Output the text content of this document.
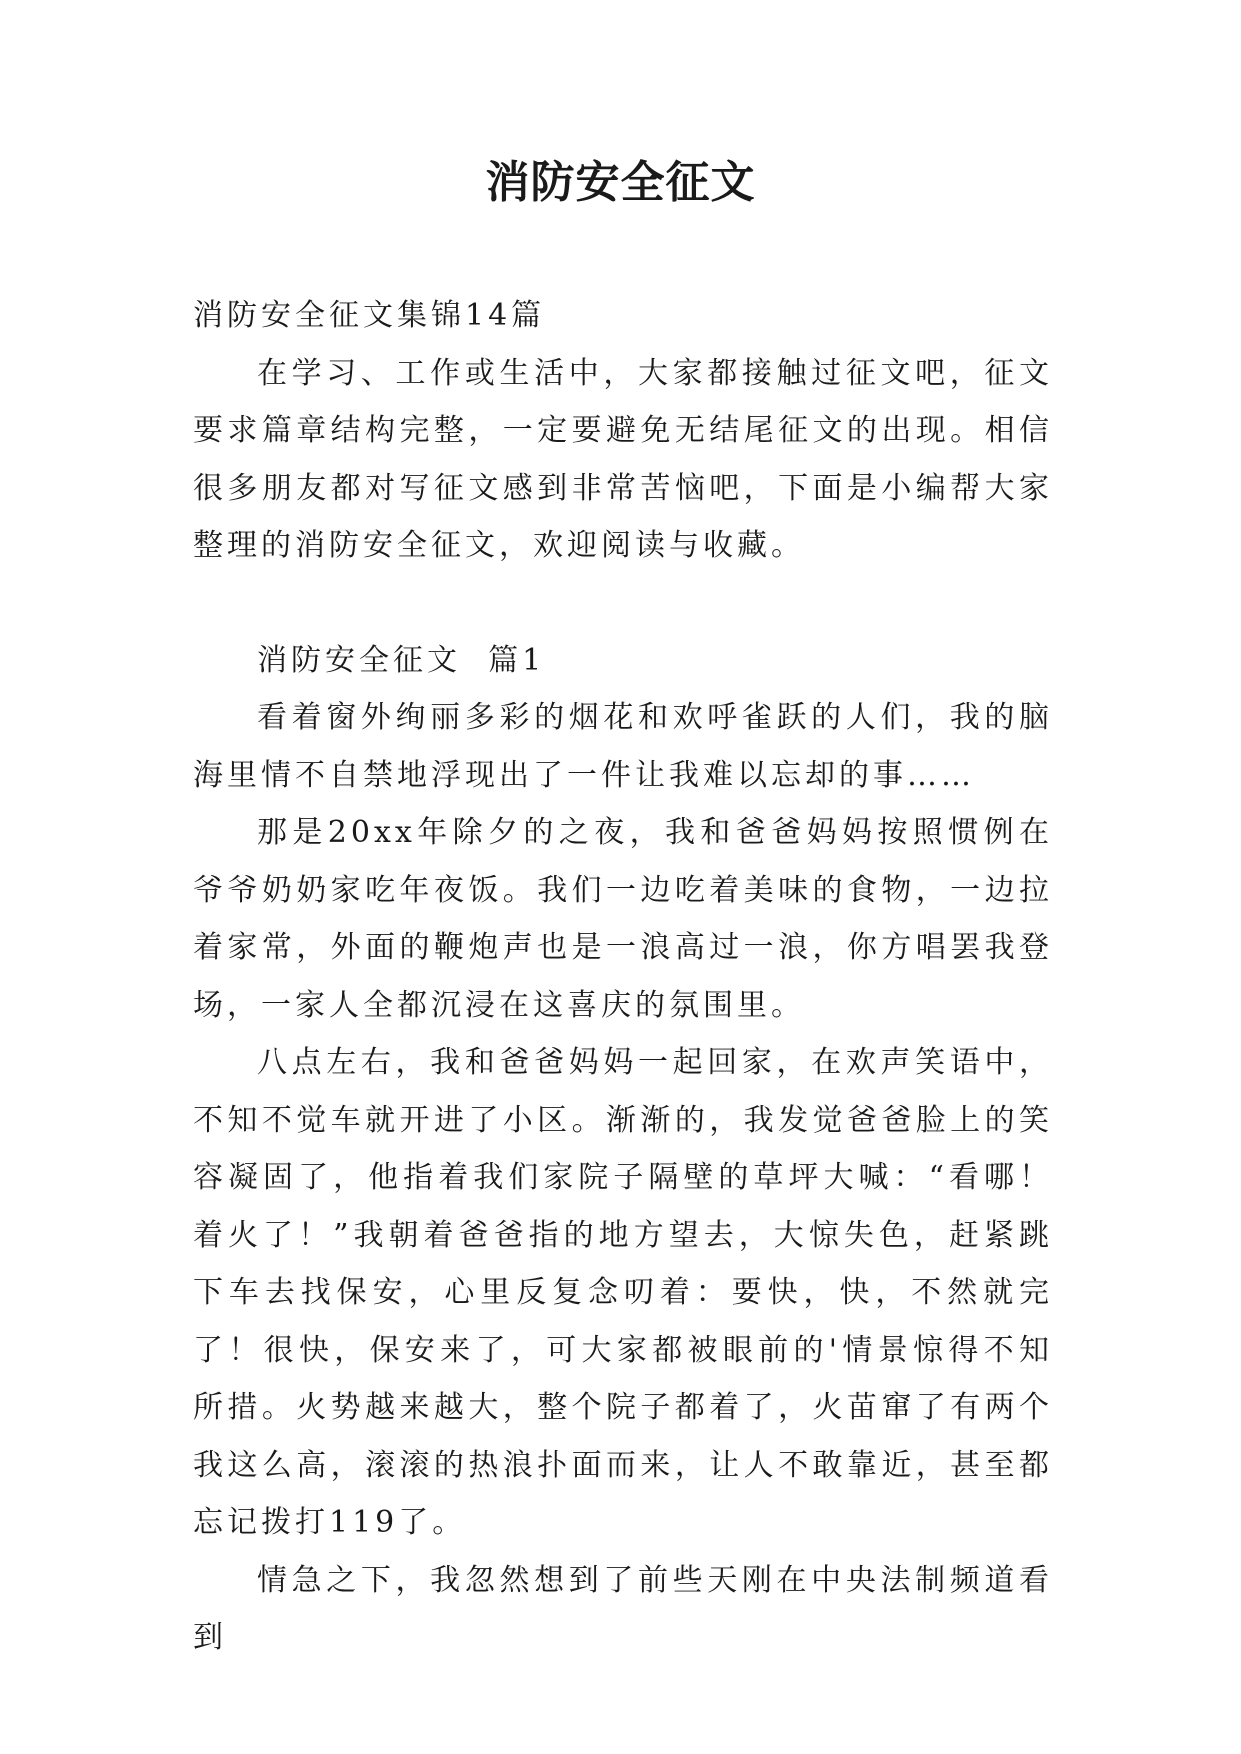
消防安全征文

消防安全征文集锦14篇

在学习、工作或生活中，大家都接触过征文吧，征文要求篇章结构完整，一定要避免无结尾征文的出现。相信很多朋友都对写征文感到非常苦恼吧，下面是小编帮大家整理的消防安全征文，欢迎阅读与收藏。

消防安全征文  篇1

看着窗外绚丽多彩的烟花和欢呼雀跃的人们，我的脑海里情不自禁地浮现出了一件让我难以忘却的事……

那是20xx年除夕的之夜，我和爸爸妈妈按照惯例在爷爷奶奶家吃年夜饭。我们一边吃着美味的食物，一边拉着家常，外面的鞭炮声也是一浪高过一浪，你方唱罢我登场，一家人全都沉浸在这喜庆的氛围里。

八点左右，我和爸爸妈妈一起回家，在欢声笑语中，不知不觉车就开进了小区。渐渐的，我发觉爸爸脸上的笑容凝固了，他指着我们家院子隔壁的草坪大喊：“看哪！着火了！”我朝着爸爸指的地方望去，大惊失色，赶紧跳下车去找保安，心里反复念叨着：要快，快，不然就完了！很快，保安来了，可大家都被眼前的'情景惊得不知所措。火势越来越大，整个院子都着了，火苗窜了有两个我这么高，滚滚的热浪扑面而来，让人不敢靠近，甚至都忘记拨打119了。

情急之下，我忽然想到了前些天刚在中央法制频道看到
